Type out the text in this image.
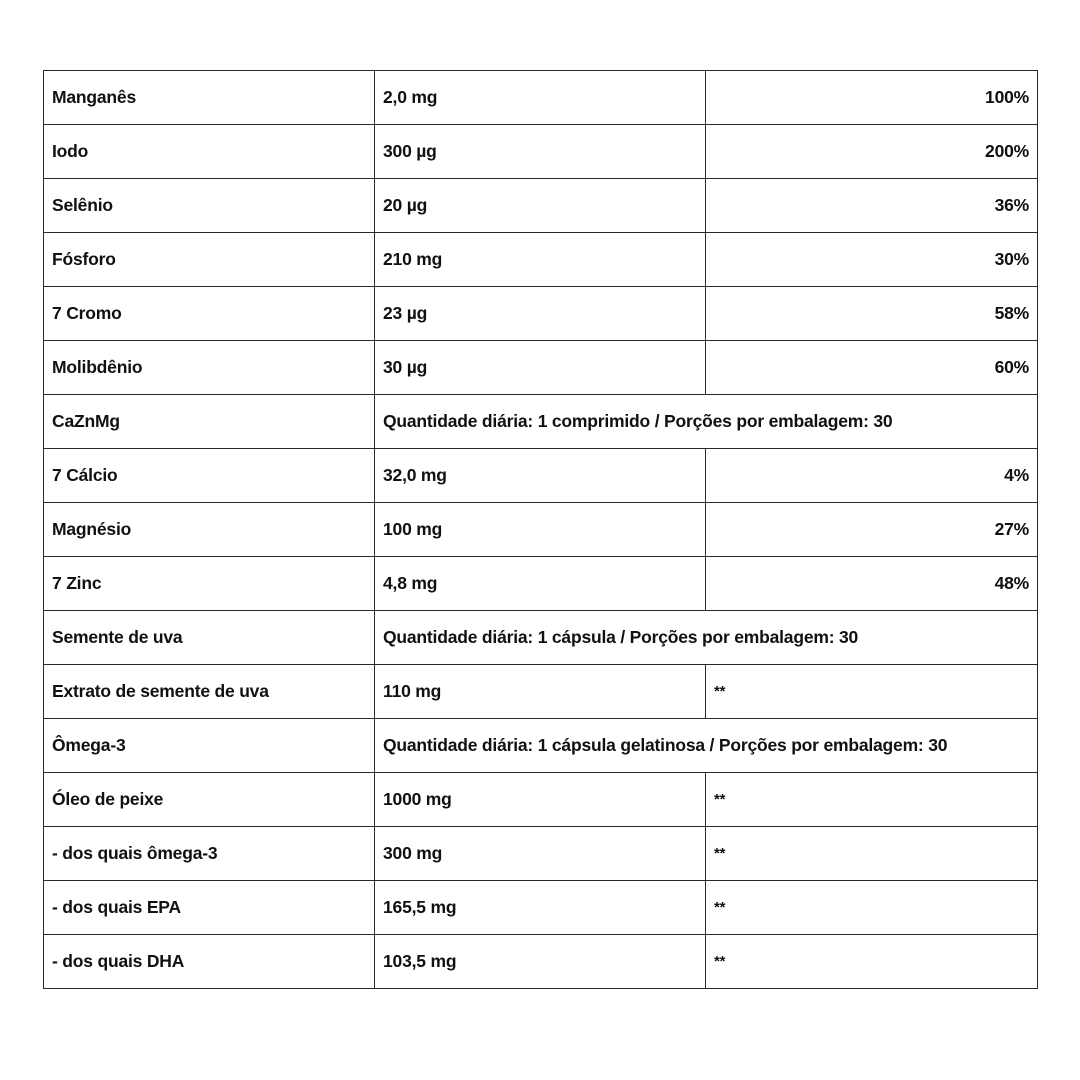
Manganês	2,0 mg	100%
Iodo	300 µg	200%
Selênio	20 µg	36%
Fósforo	210 mg	30%
7 Cromo	23 µg	58%
Molibdênio	30 µg	60%
CaZnMg	Quantidade diária: 1 comprimido / Porções por embalagem: 30	
7 Cálcio	32,0 mg	4%
Magnésio	100 mg	27%
7 Zinc	4,8 mg	48%
Semente de uva	Quantidade diária: 1 cápsula / Porções por embalagem: 30	
Extrato de semente de uva	110 mg	**
Ômega-3	Quantidade diária: 1 cápsula gelatinosa / Porções por embalagem: 30	
Óleo de peixe	1000 mg	**
- dos quais ômega-3	300 mg	**
- dos quais EPA	165,5 mg	**
- dos quais DHA	103,5 mg	**
